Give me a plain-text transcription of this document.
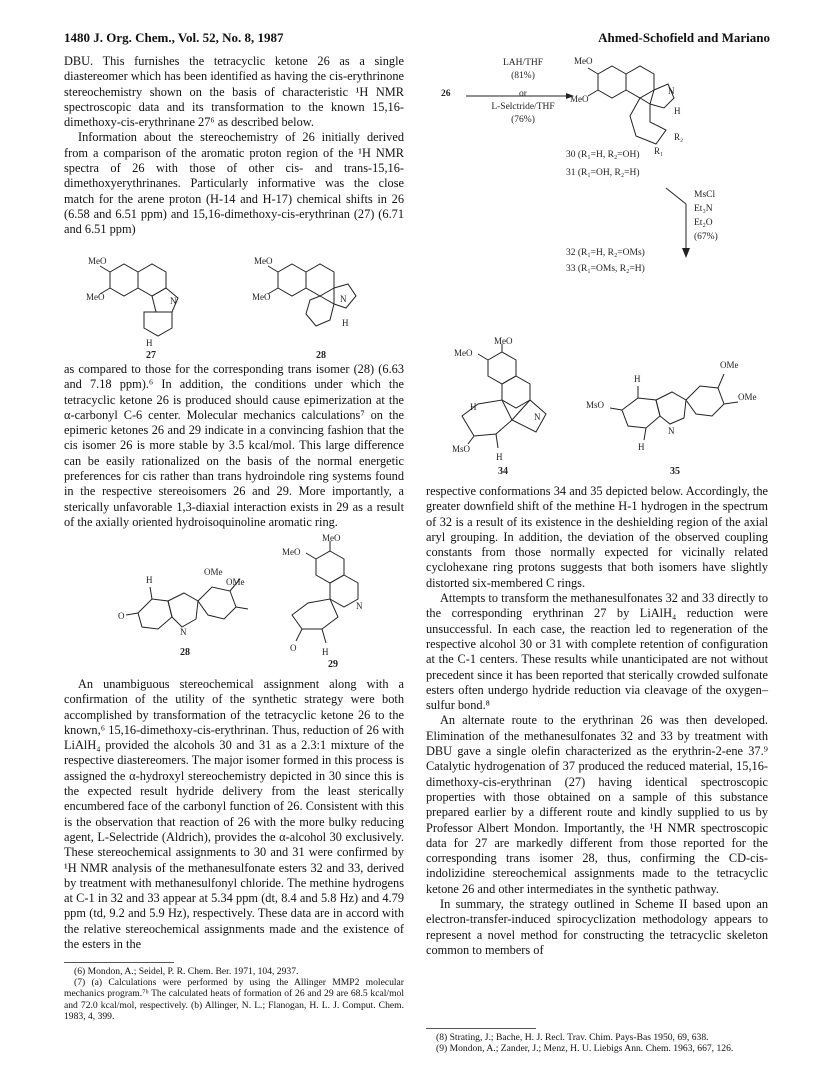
1480 J. Org. Chem., Vol. 52, No. 8, 1987	Ahmed-Schofield and Mariano

DBU. This furnishes the tetracyclic ketone 26 as a single diastereomer which has been identified as having the cis-erythrinone stereochemistry shown on the basis of characteristic ¹H NMR spectroscopic data and its transformation to the known 15,16-dimethoxy-cis-erythrinane 27⁶ as described below.

Information about the stereochemistry of 26 initially derived from a comparison of the aromatic proton region of the ¹H NMR spectra of 26 with those of other cis- and trans-15,16-dimethoxyerythrinanes. Particularly informative was the close match for the arene proton (H-14 and H-17) chemical shifts in 26 (6.58 and 6.51 ppm) and 15,16-dimethoxy-cis-erythrinan (27) (6.71 and 6.51 ppm)

MeO
MeO	N
H
27
MeO
MeO	N
H
28

as compared to those for the corresponding trans isomer (28) (6.63 and 7.18 ppm).⁶ In addition, the conditions under which the tetracyclic ketone 26 is produced should cause epimerization at the α-carbonyl C-6 center. Molecular mechanics calculations⁷ on the epimeric ketones 26 and 29 indicate in a convincing fashion that the cis isomer 26 is more stable by 3.5 kcal/mol. This large difference can be easily rationalized on the basis of the normal energetic preferences for cis rather than trans hydroindole ring systems found in the respective stereoisomers 26 and 29. More importantly, a sterically unfavorable 1,3-diaxial interaction exists in 29 as a result of the axially oriented hydroisoquinoline aromatic ring.

O
H
N
OMe
OMe
28
MeO
MeO
N
O	H
29

An unambiguous stereochemical assignment along with a confirmation of the utility of the synthetic strategy were both accomplished by transformation of the tetracyclic ketone 26 to the known,⁶ 15,16-dimethoxy-cis-erythrinan. Thus, reduction of 26 with LiAlH₄ provided the alcohols 30 and 31 as a 2.3:1 mixture of the respective diastereomers. The major isomer formed in this process is assigned the α-hydroxyl stereochemistry depicted in 30 since this is the expected result hydride delivery from the least sterically encumbered face of the carbonyl function of 26. Consistent with this is the observation that reaction of 26 with the more bulky reducing agent, L-Selectride (Aldrich), provides the α-alcohol 30 exclusively. These stereochemical assignments to 30 and 31 were confirmed by ¹H NMR analysis of the methanesulfonate esters 32 and 33, derived by treatment with methanesulfonyl chloride. The methine hydrogens at C-1 in 32 and 33 appear at 5.34 ppm (dt, 8.4 and 5.8 Hz) and 4.79 ppm (td, 9.2 and 5.9 Hz), respectively. These data are in accord with the relative stereochemical assignments made and the existence of the esters in the

(6) Mondon, A.; Seidel, P. R. Chem. Ber. 1971, 104, 2937.

(7) (a) Calculations were performed by using the Allinger MMP2 molecular mechanics program.⁷ᵇ The calculated heats of formation of 26 and 29 are 68.5 kcal/mol and 72.0 kcal/mol, respectively. (b) Allinger, N. L.; Flanogan, H. L. J. Comput. Chem. 1983, 4, 399.

LAH/THF
(81%)
or
L-Selctride/THF
(76%)
26
MeO
MeO
N
H
R₂
R₁
30 (R₁=H, R₂=OH)
31 (R₁=OH, R₂=H)
MsCl
Et₃N
Et₂O
(67%)
32 (R₁=H, R₂=OMs)
33 (R₁=OMs, R₂=H)
MeO
MeO
H
N
MsO
H
34
MsO
H
H
N
OMe
OMe
35

respective conformations 34 and 35 depicted below. Accordingly, the greater downfield shift of the methine H-1 hydrogen in the spectrum of 32 is a result of its existence in the deshielding region of the axial aryl grouping. In addition, the deviation of the observed coupling constants from those normally expected for vicinally related cyclohexane ring protons suggests that both isomers have slightly distorted six-membered C rings.

Attempts to transform the methanesulfonates 32 and 33 directly to the corresponding erythrinan 27 by LiAlH₄ reduction were unsuccessful. In each case, the reaction led to regeneration of the respective alcohol 30 or 31 with complete retention of configuration at the C-1 centers. These results while unanticipated are not without precedent since it has been reported that sterically crowded sulfonate esters often undergo hydride reduction via cleavage of the oxygen–sulfur bond.⁸

An alternate route to the erythrinan 26 was then developed. Elimination of the methanesulfonates 32 and 33 by treatment with DBU gave a single olefin characterized as the erythrin-2-ene 37.⁹ Catalytic hydrogenation of 37 produced the reduced material, 15,16-dimethoxy-cis-erythrinan (27) having identical spectroscopic properties with those obtained on a sample of this substance prepared earlier by a different route and kindly supplied to us by Professor Albert Mondon. Importantly, the ¹H NMR spectroscopic data for 27 are markedly different from those reported for the corresponding trans isomer 28, thus, confirming the CD-cis-indolizidine stereochemical assignments made to the tetracyclic ketone 26 and other intermediates in the synthetic pathway.

In summary, the strategy outlined in Scheme II based upon an electron-transfer-induced spirocyclization methodology appears to represent a novel method for constructing the tetracyclic skeleton common to members of

(8) Strating, J.; Bache, H. J. Recl. Trav. Chim. Pays-Bas 1950, 69, 638.

(9) Mondon, A.; Zander, J.; Menz, H. U. Liebigs Ann. Chem. 1963, 667, 126.
